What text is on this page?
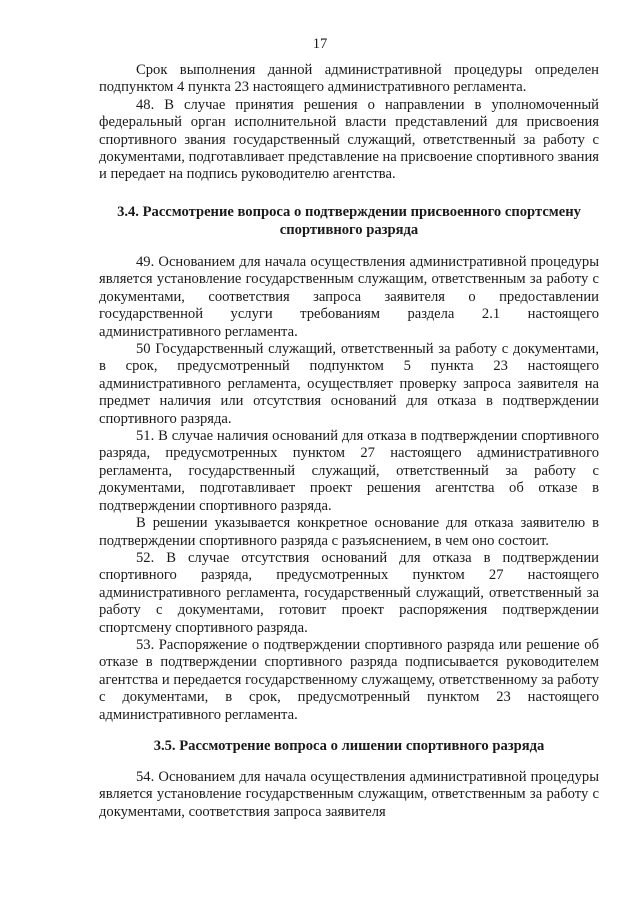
17

Срок выполнения данной административной процедуры определен подпунктом 4 пункта 23 настоящего административного регламента.

48. В случае принятия решения о направлении в уполномоченный федеральный орган исполнительной власти представлений для присвоения спортивного звания государственный служащий, ответственный за работу с документами, подготавливает представление на присвоение спортивного звания и передает на подпись руководителю агентства.

3.4. Рассмотрение вопроса о подтверждении присвоенного спортсмену спортивного разряда

49. Основанием для начала осуществления административной процедуры является установление государственным служащим, ответственным за работу с документами, соответствия запроса заявителя о предоставлении государственной услуги требованиям раздела 2.1 настоящего административного регламента.

50 Государственный служащий, ответственный за работу с документами, в срок, предусмотренный подпунктом 5 пункта 23 настоящего административного регламента, осуществляет проверку запроса заявителя на предмет наличия или отсутствия оснований для отказа в подтверждении спортивного разряда.

51. В случае наличия оснований для отказа в подтверждении спортивного разряда, предусмотренных пунктом 27 настоящего административного регламента, государственный служащий, ответственный за работу с документами, подготавливает проект решения агентства об отказе в подтверждении спортивного разряда.

В решении указывается конкретное основание для отказа заявителю в подтверждении спортивного разряда с разъяснением, в чем оно состоит.

52. В случае отсутствия оснований для отказа в подтверждении спортивного разряда, предусмотренных пунктом 27 настоящего административного регламента, государственный служащий, ответственный за работу с документами, готовит проект распоряжения подтверждении спортсмену спортивного разряда.

53. Распоряжение о подтверждении спортивного разряда или решение об отказе в подтверждении спортивного разряда подписывается руководителем агентства и передается государственному служащему, ответственному за работу с документами, в срок, предусмотренный пунктом 23 настоящего административного регламента.

3.5. Рассмотрение вопроса о лишении спортивного разряда

54. Основанием для начала осуществления административной процедуры является установление государственным служащим, ответственным за работу с документами, соответствия запроса заявителя
